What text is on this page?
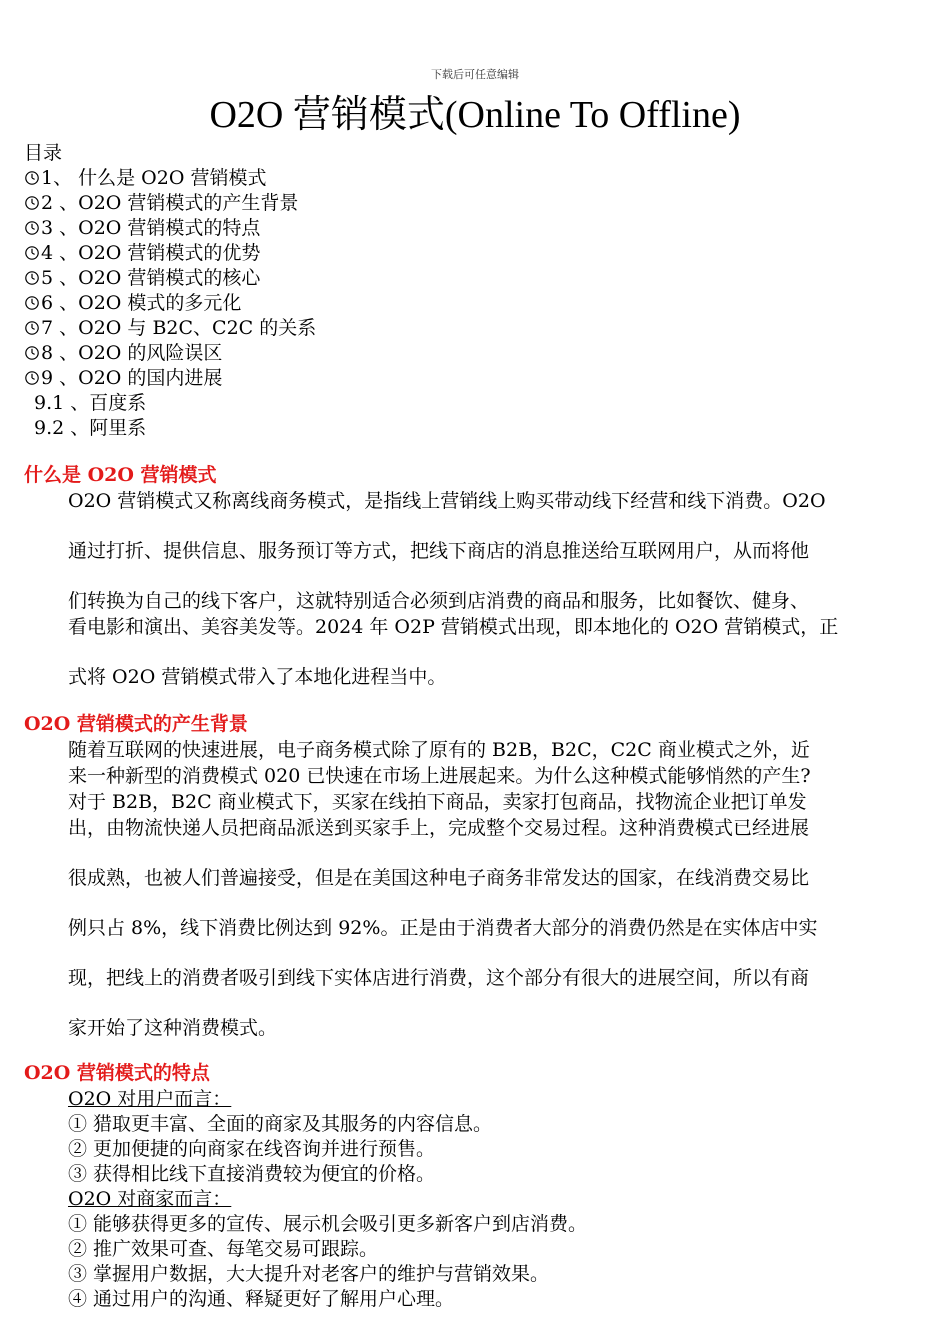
下载后可任意编辑
O2O 营销模式(Online To Offline)
目录
1、 什么是 O2O 营销模式
2 、O2O 营销模式的产生背景
3 、O2O 营销模式的特点
4 、O2O 营销模式的优势
5 、O2O 营销模式的核心
6 、O2O 模式的多元化
7 、O2O 与 B2C、C2C 的关系
8 、O2O 的风险误区
9 、O2O 的国内进展
9.1 、百度系
9.2 、阿里系
什么是 O2O 营销模式
O2O 营销模式又称离线商务模式，是指线上营销线上购买带动线下经营和线下消费。O2O
通过打折、提供信息、服务预订等方式，把线下商店的消息推送给互联网用户，从而将他
们转换为自己的线下客户，这就特别适合必须到店消费的商品和服务，比如餐饮、健身、
看电影和演出、美容美发等。2024 年 O2P 营销模式出现，即本地化的 O2O 营销模式，正
式将 O2O 营销模式带入了本地化进程当中。
O2O 营销模式的产生背景
随着互联网的快速进展，电子商务模式除了原有的 B2B，B2C，C2C 商业模式之外，近
来一种新型的消费模式 020 已快速在市场上进展起来。为什么这种模式能够悄然的产生?
对于 B2B，B2C 商业模式下，买家在线拍下商品，卖家打包商品，找物流企业把订单发
出，由物流快递人员把商品派送到买家手上，完成整个交易过程。这种消费模式已经进展
很成熟，也被人们普遍接受，但是在美国这种电子商务非常发达的国家，在线消费交易比
例只占 8%，线下消费比例达到 92%。正是由于消费者大部分的消费仍然是在实体店中实
现，把线上的消费者吸引到线下实体店进行消费，这个部分有很大的进展空间，所以有商
家开始了这种消费模式。
O2O 营销模式的特点
O2O 对用户而言：
① 猎取更丰富、全面的商家及其服务的内容信息。
② 更加便捷的向商家在线咨询并进行预售。
③ 获得相比线下直接消费较为便宜的价格。
O2O 对商家而言：
① 能够获得更多的宣传、展示机会吸引更多新客户到店消费。
② 推广效果可查、每笔交易可跟踪。
③ 掌握用户数据，大大提升对老客户的维护与营销效果。
④ 通过用户的沟通、释疑更好了解用户心理。
